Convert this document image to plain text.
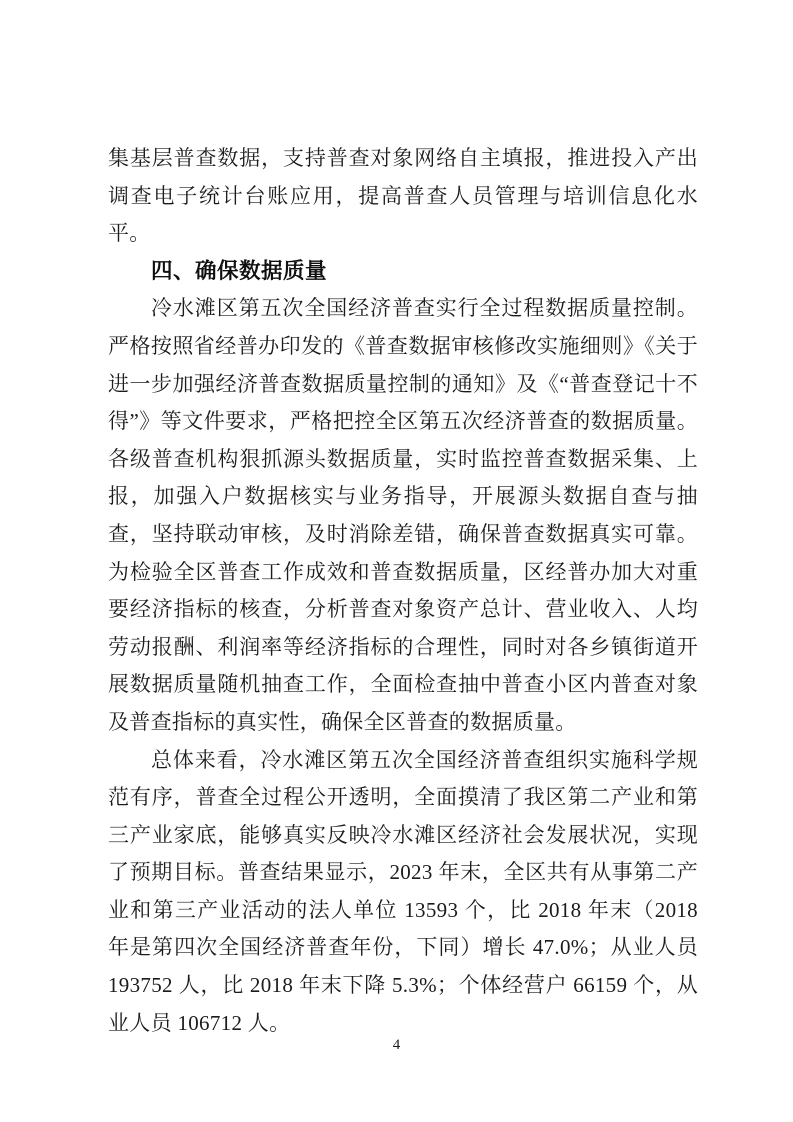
集基层普查数据，支持普查对象网络自主填报，推进投入产出调查电子统计台账应用，提高普查人员管理与培训信息化水平。

四、确保数据质量

冷水滩区第五次全国经济普查实行全过程数据质量控制。严格按照省经普办印发的《普查数据审核修改实施细则》《关于进一步加强经济普查数据质量控制的通知》及《“普查登记十不得”》等文件要求，严格把控全区第五次经济普查的数据质量。各级普查机构狠抓源头数据质量，实时监控普查数据采集、上报，加强入户数据核实与业务指导，开展源头数据自查与抽查，坚持联动审核，及时消除差错，确保普查数据真实可靠。为检验全区普查工作成效和普查数据质量，区经普办加大对重要经济指标的核查，分析普查对象资产总计、营业收入、人均劳动报酬、利润率等经济指标的合理性，同时对各乡镇街道开展数据质量随机抽查工作，全面检查抽中普查小区内普查对象及普查指标的真实性，确保全区普查的数据质量。

总体来看，冷水滩区第五次全国经济普查组织实施科学规范有序，普查全过程公开透明，全面摸清了我区第二产业和第三产业家底，能够真实反映冷水滩区经济社会发展状况，实现了预期目标。普查结果显示，2023 年末，全区共有从事第二产业和第三产业活动的法人单位 13593 个，比 2018 年末（2018 年是第四次全国经济普查年份，下同）增长 47.0%；从业人员 193752 人，比 2018 年末下降 5.3%；个体经营户 66159 个，从业人员 106712 人。

4
